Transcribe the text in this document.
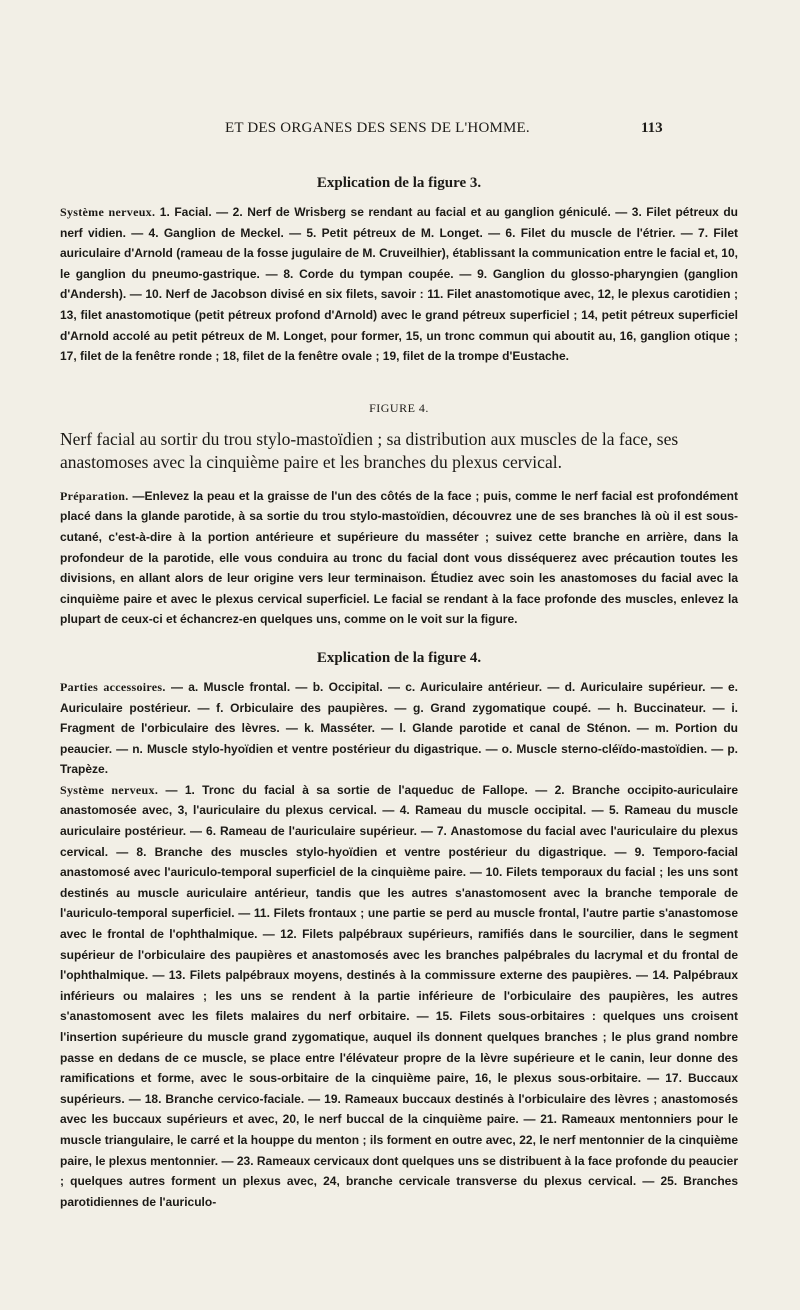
ET DES ORGANES DES SENS DE L'HOMME.	113
Explication de la figure 3.

Système nerveux. 1. Facial. — 2. Nerf de Wrisberg se rendant au facial et au ganglion géniculé. — 3. Filet pétreux du nerf vidien. — 4. Ganglion de Meckel. — 5. Petit pétreux de M. Longet. — 6. Filet du muscle de l'étrier. — 7. Filet auriculaire d'Arnold (rameau de la fosse jugulaire de M. Cruveilhier), établissant la communication entre le facial et, 10, le ganglion du pneumo-gastrique. — 8. Corde du tympan coupée. — 9. Ganglion du glosso-pharyngien (ganglion d'Andersh). — 10. Nerf de Jacobson divisé en six filets, savoir : 11. Filet anastomotique avec, 12, le plexus carotidien ; 13, filet anastomotique (petit pétreux profond d'Arnold) avec le grand pétreux superficiel ; 14, petit pétreux superficiel d'Arnold accolé au petit pétreux de M. Longet, pour former, 15, un tronc commun qui aboutit au, 16, ganglion otique ; 17, filet de la fenêtre ronde ; 18, filet de la fenêtre ovale ; 19, filet de la trompe d'Eustache.

FIGURE 4.

Nerf facial au sortir du trou stylo-mastoïdien ; sa distribution aux muscles de la face, ses anastomoses avec la cinquième paire et les branches du plexus cervical.

Préparation. —Enlevez la peau et la graisse de l'un des côtés de la face ; puis, comme le nerf facial est profondément placé dans la glande parotide, à sa sortie du trou stylo-mastoïdien, découvrez une de ses branches là où il est sous-cutané, c'est-à-dire à la portion antérieure et supérieure du masséter ; suivez cette branche en arrière, dans la profondeur de la parotide, elle vous conduira au tronc du facial dont vous disséquerez avec précaution toutes les divisions, en allant alors de leur origine vers leur terminaison. Étudiez avec soin les anastomoses du facial avec la cinquième paire et avec le plexus cervical superficiel. Le facial se rendant à la face profonde des muscles, enlevez la plupart de ceux-ci et échancrez-en quelques uns, comme on le voit sur la figure.

Explication de la figure 4.

Parties accessoires. — a. Muscle frontal. — b. Occipital. — c. Auriculaire antérieur. — d. Auriculaire supérieur. — e. Auriculaire postérieur. — f. Orbiculaire des paupières. — g. Grand zygomatique coupé. — h. Buccinateur. — i. Fragment de l'orbiculaire des lèvres. — k. Masséter. — l. Glande parotide et canal de Sténon. — m. Portion du peaucier. — n. Muscle stylo-hyoïdien et ventre postérieur du digastrique. — o. Muscle sterno-cléïdo-mastoïdien. — p. Trapèze.

Système nerveux. — 1. Tronc du facial à sa sortie de l'aqueduc de Fallope. — 2. Branche occipito-auriculaire anastomosée avec, 3, l'auriculaire du plexus cervical. — 4. Rameau du muscle occipital. — 5. Rameau du muscle auriculaire postérieur. — 6. Rameau de l'auriculaire supérieur. — 7. Anastomose du facial avec l'auriculaire du plexus cervical. — 8. Branche des muscles stylo-hyoïdien et ventre postérieur du digastrique. — 9. Temporo-facial anastomosé avec l'auriculo-temporal superficiel de la cinquième paire. — 10. Filets temporaux du facial ; les uns sont destinés au muscle auriculaire antérieur, tandis que les autres s'anastomosent avec la branche temporale de l'auriculo-temporal superficiel. — 11. Filets frontaux ; une partie se perd au muscle frontal, l'autre partie s'anastomose avec le frontal de l'ophthalmique. — 12. Filets palpébraux supérieurs, ramifiés dans le sourcilier, dans le segment supérieur de l'orbiculaire des paupières et anastomosés avec les branches palpébrales du lacrymal et du frontal de l'ophthalmique. — 13. Filets palpébraux moyens, destinés à la commissure externe des paupières. — 14. Palpébraux inférieurs ou malaires ; les uns se rendent à la partie inférieure de l'orbiculaire des paupières, les autres s'anastomosent avec les filets malaires du nerf orbitaire. — 15. Filets sous-orbitaires : quelques uns croisent l'insertion supérieure du muscle grand zygomatique, auquel ils donnent quelques branches ; le plus grand nombre passe en dedans de ce muscle, se place entre l'élévateur propre de la lèvre supérieure et le canin, leur donne des ramifications et forme, avec le sous-orbitaire de la cinquième paire, 16, le plexus sous-orbitaire. — 17. Buccaux supérieurs. — 18. Branche cervico-faciale. — 19. Rameaux buccaux destinés à l'orbiculaire des lèvres ; anastomosés avec les buccaux supérieurs et avec, 20, le nerf buccal de la cinquième paire. — 21. Rameaux mentonniers pour le muscle triangulaire, le carré et la houppe du menton ; ils forment en outre avec, 22, le nerf mentonnier de la cinquième paire, le plexus mentonnier. — 23. Rameaux cervicaux dont quelques uns se distribuent à la face profonde du peaucier ; quelques autres forment un plexus avec, 24, branche cervicale transverse du plexus cervical. — 25. Branches parotidiennes de l'auriculo-
